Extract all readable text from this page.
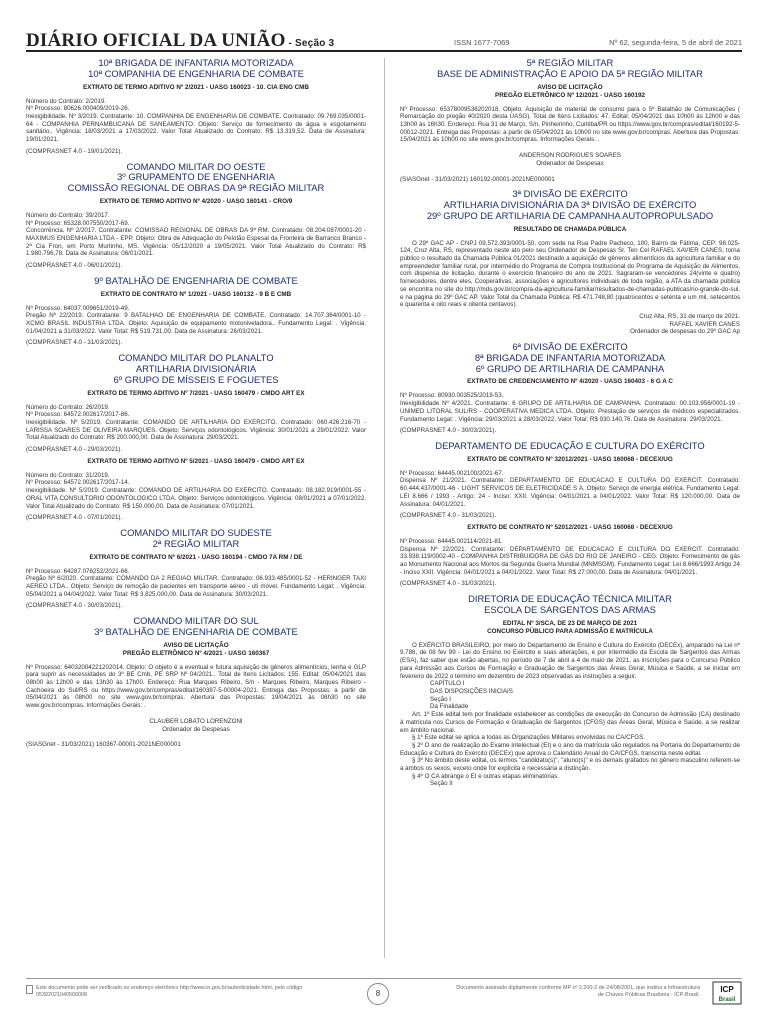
DIÁRIO OFICIAL DA UNIÃO - Seção 3	ISSN 1677-7069	Nº 62, segunda-feira, 5 de abril de 2021
10ª BRIGADA DE INFANTARIA MOTORIZADA
10ª COMPANHIA DE ENGENHARIA DE COMBATE
EXTRATO DE TERMO ADITIVO Nº 2/2021 - UASG 160023 - 10. CIA ENG CMB
Número do Contrato: 2/2019.
Nº Processo: 80626.000409/2019-26.
Inexigibilidade. Nº 3/2019. Contratante: 10. COMPANHIA DE ENGENHARIA DE COMBATE. Contratado: 09.769.035/0001-64 - COMPANHIA PERNAMBUCANA DE SANEAMENTO. Objeto: Serviço de fornecimento de água e esgotamento sanitário.. Vigência: 18/03/2021 a 17/03/2022. Valor Total Atualizado do Contrato: R$ 13.319,52. Data de Assinatura: 19/01/2021.
(COMPRASNET 4.0 - 19/01/2021).
COMANDO MILITAR DO OESTE
3º GRUPAMENTO DE ENGENHARIA
COMISSÃO REGIONAL DE OBRAS DA 9ª REGIÃO MILITAR
EXTRATO DE TERMO ADITIVO Nº 4/2020 - UASG 160141 - CRO/9
Número do Contrato: 39/2017.
Nº Processo: 65328.007550/2017-69.
Concorrência. Nº 2/2017. Contratante: COMISSAO REGIONAL DE OBRAS DA 9ª RM. Contratado: 08.204.087/0001-20 - MAXIMUS ENGENHARIA LTDA - EPP. Objeto: Obra de Adequação do Pelotão Espesal da Fronteira de Barranco Branco - 2ª Cia Fron, em Porto Murtinho, MS. Vigência: 05/12/2020 a 19/05/2021. Valor Total Atualizado do Contrato: R$ 1.980.796,78. Data de Assinatura: 06/01/2021.
(COMPRASNET 4.0 - 06/01/2021).
9º BATALHÃO DE ENGENHARIA DE COMBATE
EXTRATO DE CONTRATO Nº 1/2021 - UASG 160132 - 9 B E CMB
Nº Processo: 64037.009651/2019-49.
Pregão Nº 22/2019. Contratante: 9 BATALHAO DE ENGENHARIA DE COMBATE. Contratado: 14.707.364/0001-10 - XCMG BRASIL INDUSTRIA LTDA. Objeto: Aquisição de equipamento motoniveladora.. Fundamento Legal: . Vigência: 01/04/2021 a 31/03/2022. Valor Total: R$ 519.731,00. Data de Assinatura: 26/03/2021.
(COMPRASNET 4.0 - 31/03/2021).
COMANDO MILITAR DO PLANALTO
ARTILHARIA DIVISIONÁRIA
6º GRUPO DE MÍSSEIS E FOGUETES
EXTRATO DE TERMO ADITIVO Nº 7/2021 - UASG 160479 - CMDO ART EX
Número do Contrato: 26/2019.
Nº Processo: 64572.002617/2017-86.
Inexigibilidade. Nº 5/2019. Contratante: COMANDO DE ARTILHARIA DO EXERCITO. Contratado: 060.426.216-70 - LARISSA SOARES DE OLIVEIRA MARQUES. Objeto: Serviços odontológicos. Vigência: 30/01/2021 a 29/01/2022. Valor Total Atualizado do Contrato: R$ 200.000,00. Data de Assinatura: 29/03/2021.
(COMPRASNET 4.0 - 29/03/2021).
EXTRATO DE TERMO ADITIVO Nº 5/2021 - UASG 160479 - CMDO ART EX
Número do Contrato: 31/2019.
Nº Processo: 64572.002617/2017-14.
Inexigibilidade. Nº 5/2019. Contratante: COMANDO DE ARTILHARIA DO EXERCITO. Contratado: 08.182.919/0001-55 - ORAL VITA CONSULTORIO ODONTOLOGICO LTDA. Objeto: Serviços odontológicos. Vigência: 08/01/2021 a 07/01/2022. Valor Total Atualizado do Contrato: R$ 150.000,00. Data de Assinatura: 07/01/2021.
(COMPRASNET 4.0 - 07/01/2021).
COMANDO MILITAR DO SUDESTE
2ª REGIÃO MILITAR
EXTRATO DE CONTRATO Nº 6/2021 - UASG 160194 - CMDO 7A RM / DE
Nº Processo: 64287.076252/2021-66.
Pregão Nº 6/2020. Contratante: COMANDO DA 2 REGIAO MILITAR. Contratado: 06.933.485/0001-52 - HERINGER TAXI AEREO LTDA.. Objeto: Serviço de remoção de pacientes em transporte aéreo - uti móvel. Fundamento Legal: . Vigência: 05/04/2021 a 04/04/2022. Valor Total: R$ 3.825.000,00. Data de Assinatura: 30/03/2021.
(COMPRASNET 4.0 - 30/03/2021).
COMANDO MILITAR DO SUL
3º BATALHÃO DE ENGENHARIA DE COMBATE
AVISO DE LICITAÇÃO
PREGÃO ELETRÔNICO Nº 4/2021 - UASG 160367
Nº Processo: 64032004221202014. Objeto: O objeto é a eventual e futura aquisição de gêneros alimentícios, lenha e GLP para suprir as necessidades do 3º BE Cmb, PE SRP Nº 04/2021.. Total de Itens Licitados: 155. Edital: 05/04/2021 das 08h00 às 12h00 e das 13h30 às 17h00. Endereço: Rua Marques Ribeiro, S/n - Marques Ribeiro, Marques Ribeiro - Cachoeira do Sul/RS ou https://www.gov.br/compras/edital/160387-5-00004-2021. Entrega das Propostas: a partir de 05/04/2021 às 08h00 no site www.gov.br/compras. Abertura das Propostas: 19/04/2021 às 08h30 no site www.gov.br/compras. Informações Gerais: .
CLAUBER LOBATO LORENZONI
Ordenador de Despesas
(SIASGnet - 31/03/2021) 160367-00001-2021NE000001
5ª REGIÃO MILITAR
BASE DE ADMINISTRAÇÃO E APOIO DA 5ª REGIÃO MILITAR
AVISO DE LICITAÇÃO
PREGÃO ELETRÔNICO Nº 12/2021 - UASG 160192
Nº Processo: 65378009536202018. Objeto: Aquisição de material de consumo para o 5º Batalhão de Comunicações ( Remarcação do pregão 40/2020 desta UASG). Total de Itens Licitados: 47. Edital: 05/04/2021 das 10h00 às 12h00 e das 13h00 às 16h30. Endereço: Rua 31 de Março, S/n, Pinheirinho, Curitiba/PR ou https://www.gov.br/compras/edital/160192-5-00012-2021. Entrega das Propostas: a partir de 05/04/2021 às 10h00 no site www.gov.br/compras. Abertura das Propostas: 15/04/2021 às 10h00 no site www.gov.br/compras. Informações Gerais: .
ANDERSON RODRIGUES SOARES
Ordenador de Despesas
(SIASGnet - 31/03/2021) 160192-00001-2021NE000001
3ª DIVISÃO DE EXÉRCITO
ARTILHARIA DIVISIONÁRIA DA 3ª DIVISÃO DE EXÉRCITO
29º GRUPO DE ARTILHARIA DE CAMPANHA AUTOPROPULSADO
RESULTADO DE CHAMADA PÚBLICA
O 29º GAC AP - CNPJ 09.572.393/0001-50, com sede na Rua Padre Pacheco, 100, Bairro de Fátima, CEP: 98.025-124, Cruz Alta, RS, representado neste ato pelo seu Ordenador de Despesas Sr. Ten Cel RAFAEL XAVIER CANES, torna público o resultado da Chamada Pública 01/2021 destinado a aquisição de gêneros alimentícios da agricultura familiar e do empreendedor familiar rural, por intermédio do Programa de Compra Institucional do Programa de Aquisição de Alimentos, com dispensa de licitação, durante o exercício financeiro do ano de 2021. Sagraram-se vencedores 24(vinte e quatro) fornecedores, dentre eles, Cooperativas, associações e agricultores individuais de toda região, a ATA da chamada pública se encontra no site do http://mds.gov.br/compra-da-agricultura-familiar/resultados-de-chamadas-publicas/rio-grande-do-sul, e na página do 29º GAC AP. Valor Total da Chamada Pública: R$ 471.748,80 (quatrocentos e setenta e um mil, setecentos e quarenta e oito reais e oitenta centavos).
Cruz Alta, RS, 31 de março de 2021.
RAFAEL XAVIER CANES
Ordenador de despesas do 29º GAC Ap
6ª DIVISÃO DE EXÉRCITO
8ª BRIGADA DE INFANTARIA MOTORIZADA
6º GRUPO DE ARTILHARIA DE CAMPANHA
EXTRATO DE CREDENCIAMENTO Nº 4/2020 - UASG 160403 - 6 G A C
Nº Processo: 80930.003525/2019-53.
Inexigibilidade Nº 4/2021. Contratante: 6 GRUPO DE ARTILHARIA DE CAMPANHA. Contratado: 00.103.956/0001-19 - UNIMED LITORAL SUL/RS - COOPERATIVA MEDICA LTDA. Objeto: Prestação de serviços de médicos especializados. Fundamento Legal: . Vigência: 29/03/2021 a 28/03/2022. Valor Total: R$ 930.140,76. Data de Assinatura: 29/03/2021.
(COMPRASNET 4.0 - 30/03/2021).
DEPARTAMENTO DE EDUCAÇÃO E CULTURA DO EXÉRCITO
EXTRATO DE CONTRATO Nº 32012/2021 - UASG 160068 - DECEX/UG
Nº Processo: 64445.002100/2021-67.
Dispensa Nº 21/2021. Contratante: DEPARTAMENTO DE EDUCACAO E CULTURA DO EXERCIT. Contratado: 60.444.437/0001-46 - LIGHT SERVICOS DE ELETRICIDADE S A. Objeto: Serviço de energia elétrica. Fundamento Legal: LEI 8.666 / 1993 - Artigo: 24 - Inciso: XXII. Vigência: 04/01/2021 a 04/01/2022. Valor Total: R$ 120.000,00. Data de Assinatura: 04/01/2021.
(COMPRASNET 4.0 - 31/03/2021).
EXTRATO DE CONTRATO Nº 52012/2021 - UASG 160068 - DECEX/UG
Nº Processo: 64445.002114/2021-81.
Dispensa Nº 22/2021. Contratante: DEPARTAMENTO DE EDUCACAO E CULTURA DO EXERCIT. Contratado: 33.938.119/0002-40 - COMPANHIA DISTRIBUIDORA DE GÁS DO RIO DE JANEIRO - CEG. Objeto: Fornecimento de gás ao Monumento Nacional aos Mortos da Segunda Guerra Mundial (MNMSGM). Fundamento Legal: Lei 8.666/1993 Artigo 24 - Inciso XXII. Vigência: 04/01/2021 a 04/01/2022. Valor Total: R$ 27.000,00. Data de Assinatura: 04/01/2021.
(COMPRASNET 4.0 - 31/03/2021).
DIRETORIA DE EDUCAÇÃO TÉCNICA MILITAR
ESCOLA DE SARGENTOS DAS ARMAS
EDITAL Nº 3/SCA, DE 23 DE MARÇO DE 2021
CONCURSO PÚBLICO PARA ADMISSÃO E MATRÍCULA
O EXÉRCITO BRASILEIRO, por meio do Departamento de Ensino e Cultura do Exército (DECEx), amparado na Lei nº 9.786, de 08 fev 99 - Lei do Ensino no Exército e suas alterações, e por intermédio da Escola de Sargentos das Armas (ESA), faz saber que estão abertas, no período de 7 de abril a 4 de maio de 2021, as inscrições para o Concurso Público para Admissão aos Cursos de Formação e Graduação de Sargentos das Áreas Geral, Música e Saúde, a se iniciar em fevereiro de 2022 o término em dezembro de 2023 observadas as instruções a seguir.
CAPÍTULO I
DAS DISPOSIÇÕES INICIAIS
Seção I
Da Finalidade
Art. 1º Este edital tem por finalidade estabelecer as condições de execução do Concurso de Admissão (CA) destinado à matrícula nos Cursos de Formação e Graduação de Sargentos (CFGS) das Áreas Geral, Música e Saúde, a se realizar em âmbito nacional.
§ 1º Este edital se aplica a todas as Organizações Militares envolvidas no CA/CFGS.
§ 2º O ano de realização do Exame Intelectual (EI) e o ano da matrícula são regulados na Portaria do Departamento de Educação e Cultura do Exército (DECEx) que aprova o Calendário Anual do CA/CFGS, transcrita neste edital.
§ 3º No âmbito deste edital, os termos "candidato(s)", "aluno(s)" e os demais grafados no gênero masculino referem-se a ambos os sexos, exceto onde for explícita e necessária a distinção.
§ 4º O CA abrange o EI e outras etapas eliminatórias.
Seção II
Este documento pode ser verificado no endereço eletrônico http://www.in.gov.br/autenticidade.html, pelo código 05302021040500008	8
Documento assinado digitalmente conforme MP nº 2.200-2 de 24/08/2001, que institui a Infraestrutura de Chaves Públicas Brasileira - ICP-Brasil.
ICP
Brasil
